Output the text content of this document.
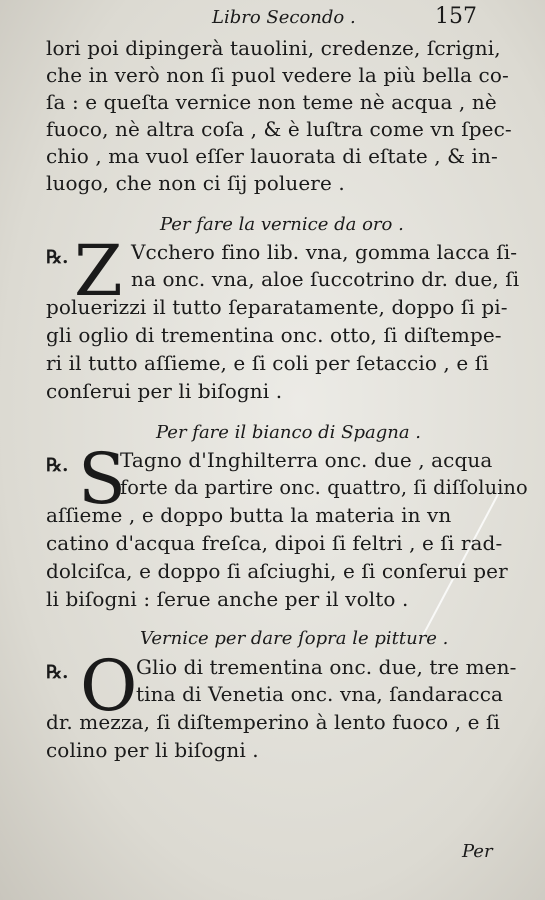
Libro Secondo .	157
lori poi dipingerà tauolini, credenze, ſcrigni,
che in verò non ſi puol vedere la più bella co-
ſa : e queſta vernice non teme nè acqua , nè
fuoco, nè altra coſa , & è luſtra come vn ſpec-
chio , ma vuol eſſer lauorata di eſtate , & in-
luogo, che non ci ſij poluere .
Per fare la vernice da oro .
℞. Z Vcchero fino lib. vna, gomma lacca ſi-
na onc. vna, aloe ſuccotrino dr. due, ſi
poluerizzi il tutto ſeparatamente, doppo ſi pi-
gli oglio di trementina onc. otto, ſi diſtempe-
ri il tutto aſſieme, e ſi coli per ſetaccio , e ſi
conſerui per li biſogni .
Per fare il bianco di Spagna .
℞. S
Tagno d'Inghilterra onc. due , acqua
forte da partire onc. quattro, ſi diſſoluino
aſſieme , e doppo butta la materia in vn
catino d'acqua freſca, dipoi ſi feltri , e ſi rad-
dolciſca, e doppo ſi aſciughi, e ſi conſerui per
li biſogni : ſerue anche per il volto .
Vernice per dare ſopra le pitture .
℞. O
Glio di trementina onc. due, tre men-
tina di Venetia onc. vna, ſandaracca
dr. mezza, ſi diſtemperino à lento fuoco , e ſi
colino per li biſogni .
Per
